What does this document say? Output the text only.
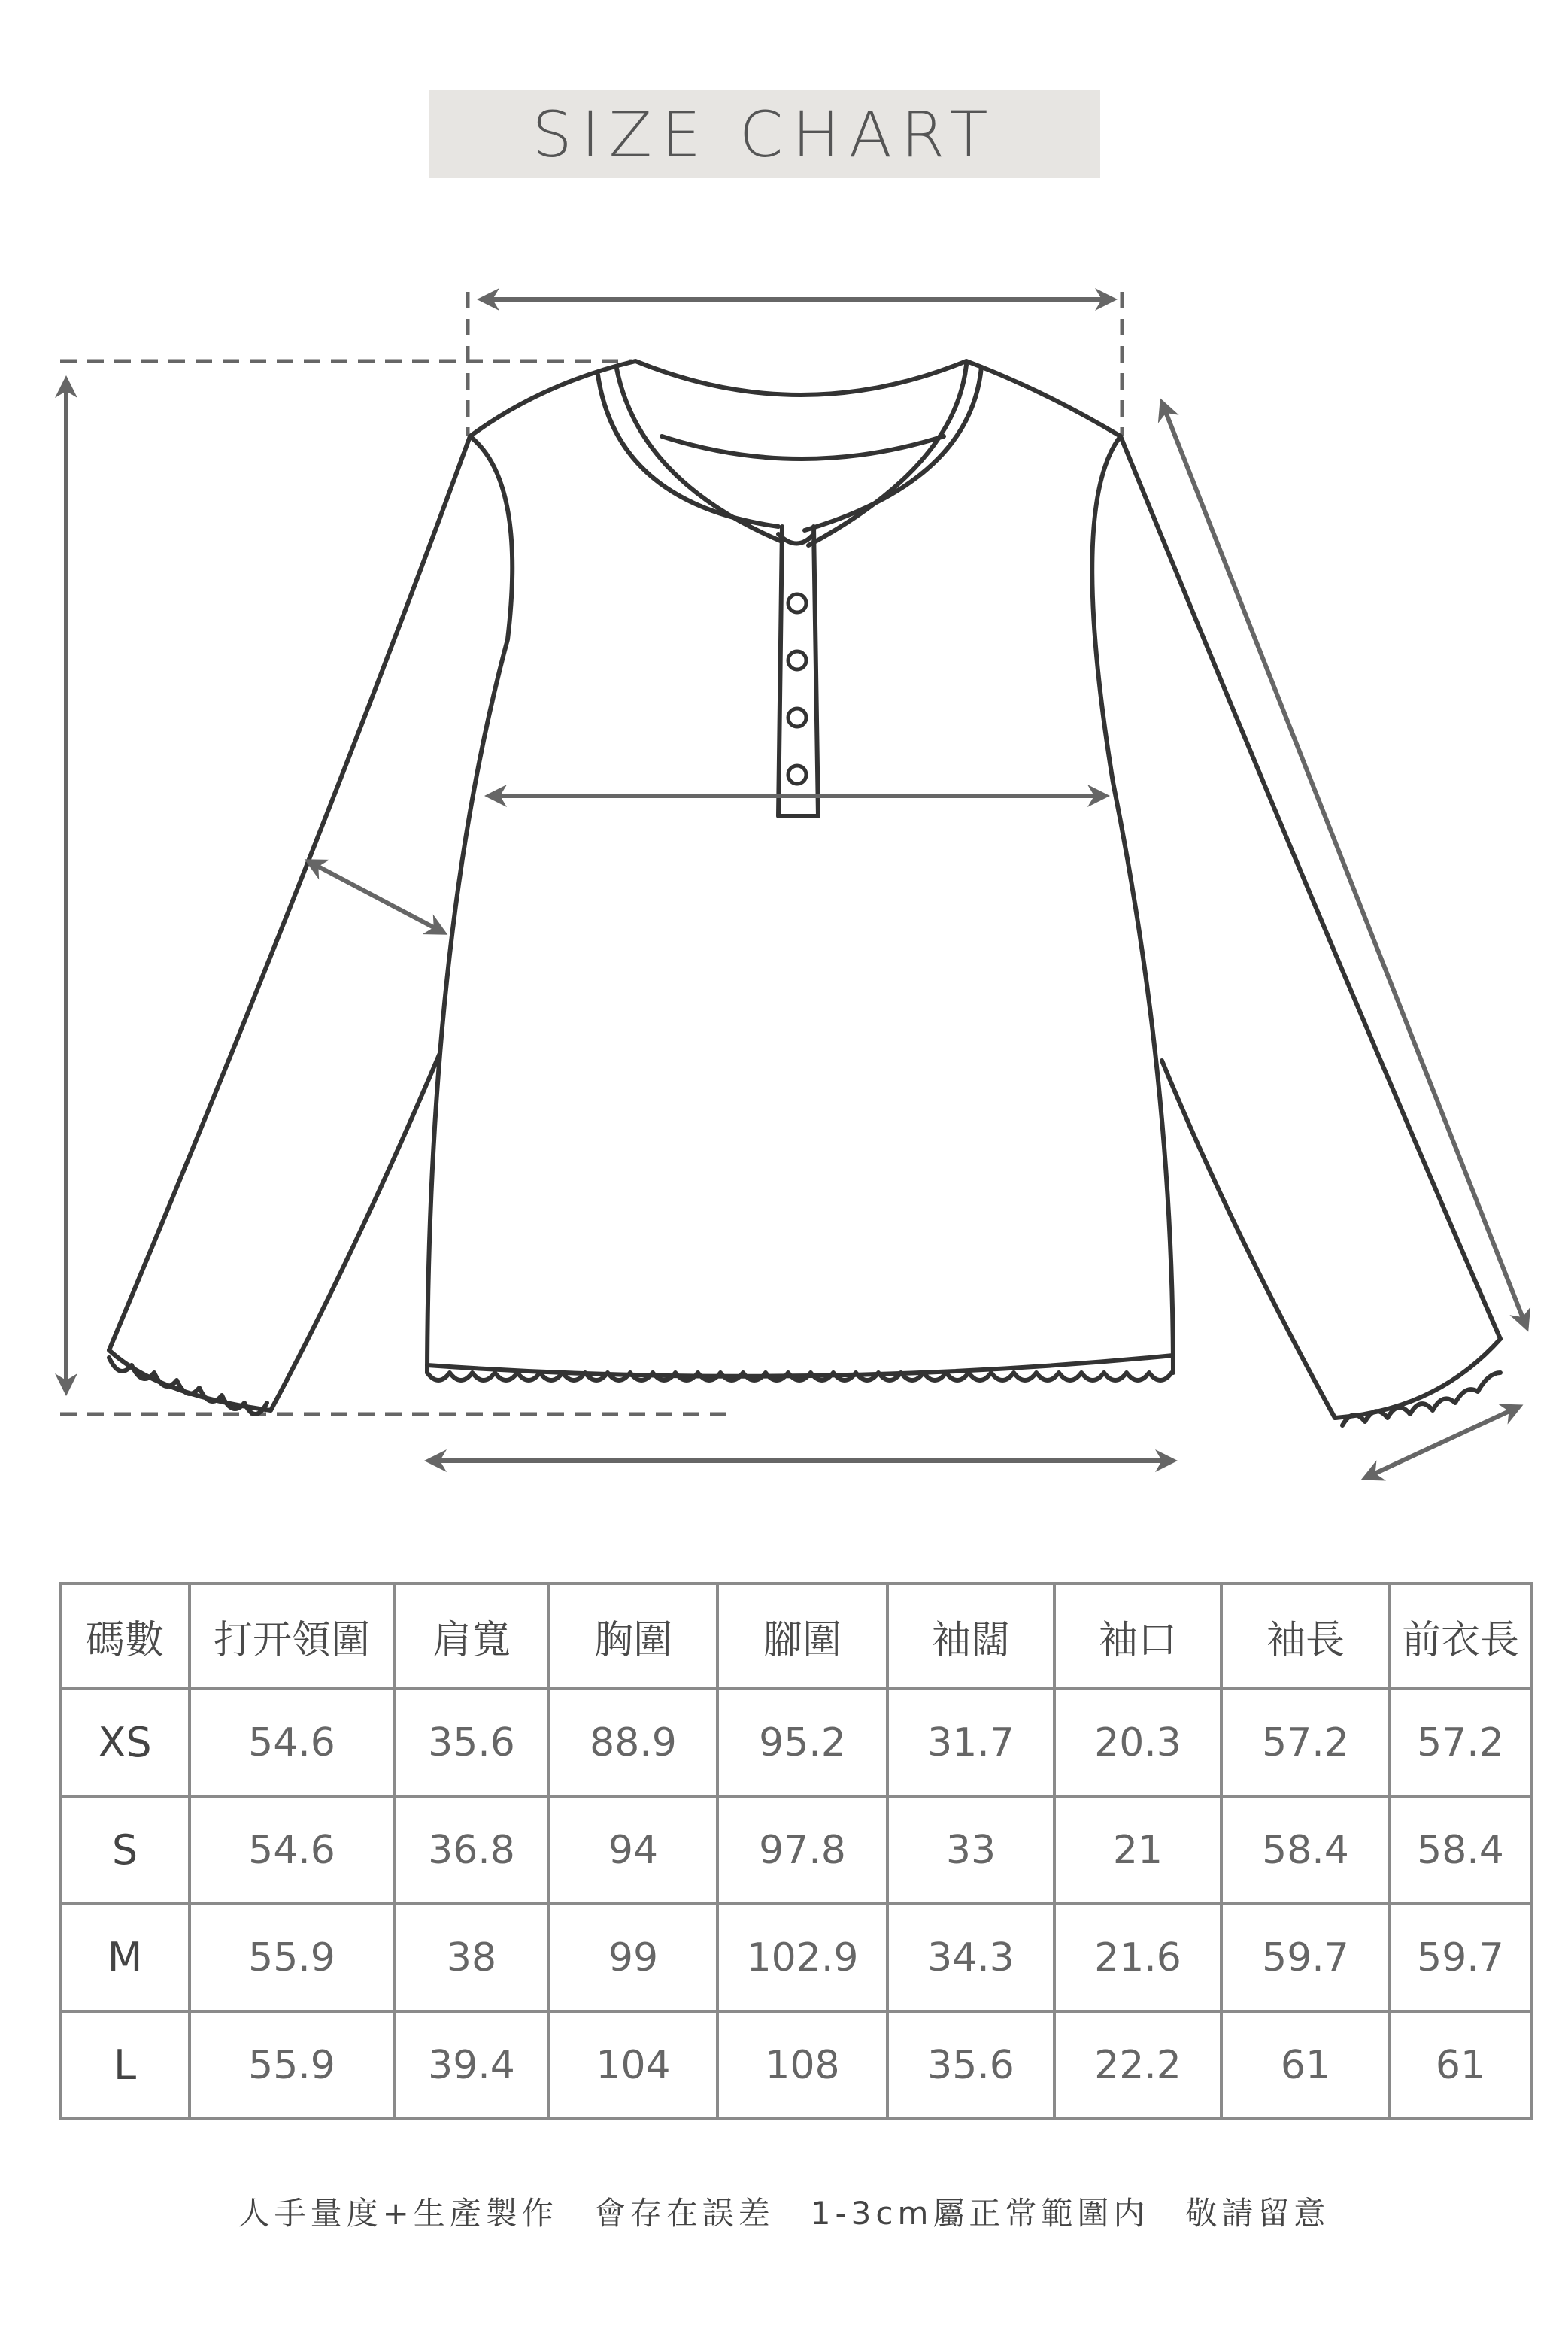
SIZE CHART
碼數	打开領圍	肩寬	胸圍	腳圍	袖闊	袖口	袖長	前衣長
XS	54.6	35.6	88.9	95.2	31.7	20.3	57.2	57.2
S	54.6	36.8	94	97.8	33	21	58.4	58.4
M	55.9	38	99	102.9	34.3	21.6	59.7	59.7
L	55.9	39.4	104	108	35.6	22.2	61	61
人手量度+生產製作　會存在誤差　1-3cm屬正常範圍内　敬請留意
